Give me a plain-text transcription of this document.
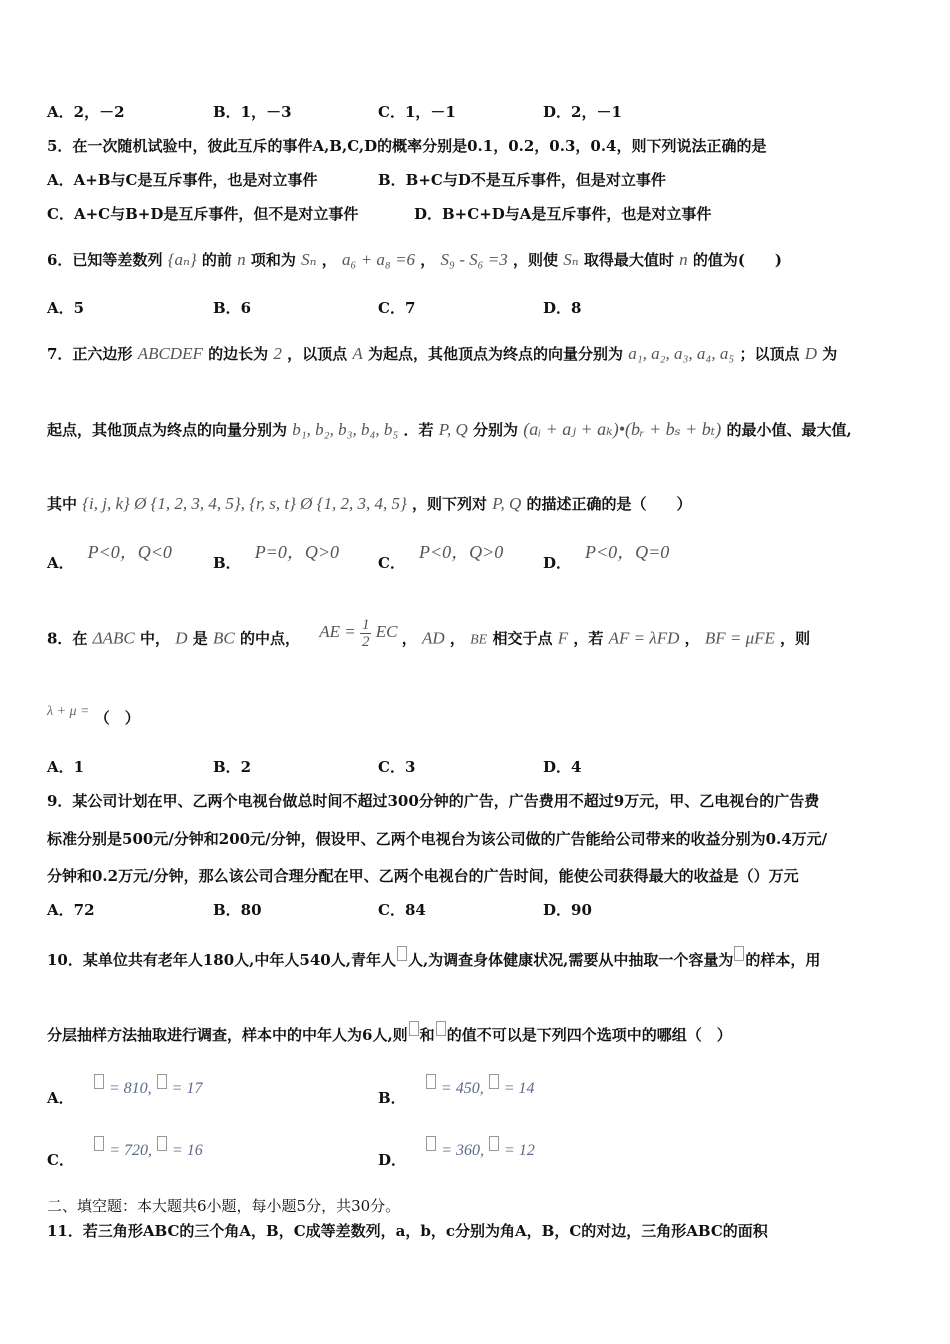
A．2，－2	B．1，－3	C．1，－1	D．2，－1
5．在一次随机试验中，彼此互斥的事件A,B,C,D的概率分别是0.1，0.2，0.3，0.4，则下列说法正确的是
A．A+B与C是互斥事件，也是对立事件	B．B+C与D不是互斥事件，但是对立事件
C．A+C与B+D是互斥事件，但不是对立事件	D．B+C+D与A是互斥事件，也是对立事件
6．已知等差数列 {aₙ} 的前 n 项和为 Sₙ ， a₆ + a₈ =6 ， S₉ - S₆ =3 ，则使 Sₙ 取得最大值时 n 的值为(　　)
A．5	B．6	C．7	D．8
7．正六边形 ABCDEF 的边长为 2 ，以顶点 A 为起点，其他顶点为终点的向量分别为 a₁, a₂, a₃, a₄, a₅ ；以顶点 D 为
起点，其他顶点为终点的向量分别为 b₁, b₂, b₃, b₄, b₅ ．若 P, Q 分别为 (aᵢ + aⱼ + aₖ)•(bᵣ + bₛ + bₜ) 的最小值、最大值,
其中 {i, j, k} Ø {1, 2, 3, 4, 5}, {r, s, t} Ø {1, 2, 3, 4, 5} ，则下列对 P, Q 的描述正确的是（　　）
A．P<0，Q<0
B．P=0，Q>0
C．P<0，Q>0
D．P<0，Q=0
8．在 ΔABC 中， D 是 BC 的中点， AE = $\frac{1}{2}$ EC ， AD ， BE 相交于点 F ，若 AF = λFD ， BF = μFE ，则
λ + μ = （　）
A．1	B．2	C．3	D．4
9．某公司计划在甲、乙两个电视台做总时间不超过300分钟的广告，广告费用不超过9万元，甲、乙电视台的广告费
标准分别是500元/分钟和200元/分钟，假设甲、乙两个电视台为该公司做的广告能给公司带来的收益分别为0.4万元/
分钟和0.2万元/分钟，那么该公司合理分配在甲、乙两个电视台的广告时间，能使公司获得最大的收益是（）万元
A．72	B．80	C．84	D．90
10．某单位共有老年人180人,中年人540人,青年人 人,为调查身体健康状况,需要从中抽取一个容量为 的样本，用
分层抽样方法抽取进行调查，样本中的中年人为6人,则 和 的值不可以是下列四个选项中的哪组（　）
A．  = 810,  = 17
B．  = 450,  = 14
C．  = 720,  = 16
D．  = 360,  = 12
二、填空题：本大题共6小题，每小题5分，共30分。
11．若三角形ABC的三个角A，B，C成等差数列，a，b，c分别为角A，B，C的对边，三角形ABC的面积
